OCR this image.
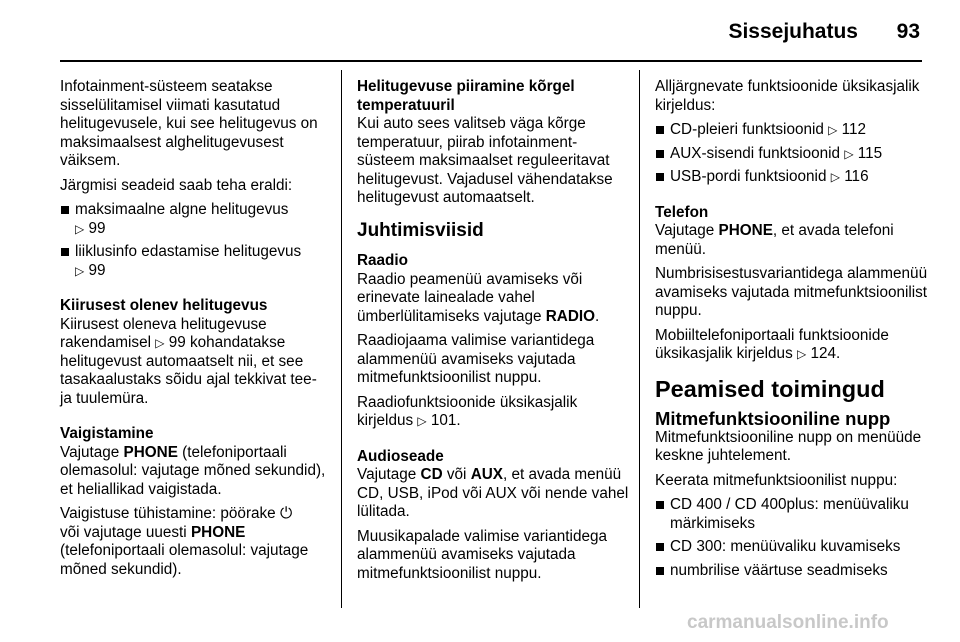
Sissejuhatus 93

Infotainment-süsteem seatakse sisselülitamisel viimati kasutatud helitugevusele, kui see helitugevus on maksimaalsest alghelitugevusest väiksem.

Järgmisi seadeid saab teha eraldi:

maksimaalne algne helitugevus
▷ 99
liiklusinfo edastamise helitugevus
▷ 99

Kiirusest olenev helitugevus

Kiirusest oleneva helitugevuse rakendamisel ▷ 99 kohandatakse helitugevust automaatselt nii, et see tasakaalustaks sõidu ajal tekkivat tee- ja tuulemüra.

Vaigistamine

Vajutage PHONE (telefoniportaali olemasolul: vajutage mõned sekundid), et heliallikad vaigistada.

Vaigistuse tühistamine: pöörake ⏻
või vajutage uuesti PHONE
(telefoniportaali olemasolul: vajutage mõned sekundid).

Helitugevuse piiramine kõrgel temperatuuril

Kui auto sees valitseb väga kõrge temperatuur, piirab infotainment-süsteem maksimaalset reguleeritavat helitugevust. Vajadusel vähendatakse helitugevust automaatselt.

Juhtimisviisid

Raadio

Raadio peamenüü avamiseks või erinevate lainealade vahel ümberlülitamiseks vajutage RADIO.

Raadiojaama valimise variantidega alammenüü avamiseks vajutada mitmefunktsioonilist nuppu.

Raadiofunktsioonide üksikasjalik kirjeldus ▷ 101.

Audioseade

Vajutage CD või AUX, et avada menüü CD, USB, iPod või AUX või nende vahel lülitada.

Muusikapalade valimise variantidega alammenüü avamiseks vajutada mitmefunktsioonilist nuppu.

Alljärgnevate funktsioonide üksikasjalik kirjeldus:

CD-pleieri funktsioonid ▷ 112
AUX-sisendi funktsioonid ▷ 115
USB-pordi funktsioonid ▷ 116

Telefon

Vajutage PHONE, et avada telefoni menüü.

Numbrisisestusvariantidega alammenüü avamiseks vajutada mitmefunktsioonilist nuppu.

Mobiiltelefoniportaali funktsioonide üksikasjalik kirjeldus ▷ 124.

Peamised toimingud
Mitmefunktsiooniline nupp

Mitmefunktsiooniline nupp on menüüde keskne juhtelement.

Keerata mitmefunktsioonilist nuppu:

CD 400 / CD 400plus: menüüvaliku märkimiseks
CD 300: menüüvaliku kuvamiseks
numbrilise väärtuse seadmiseks
carmanualsonline.info
